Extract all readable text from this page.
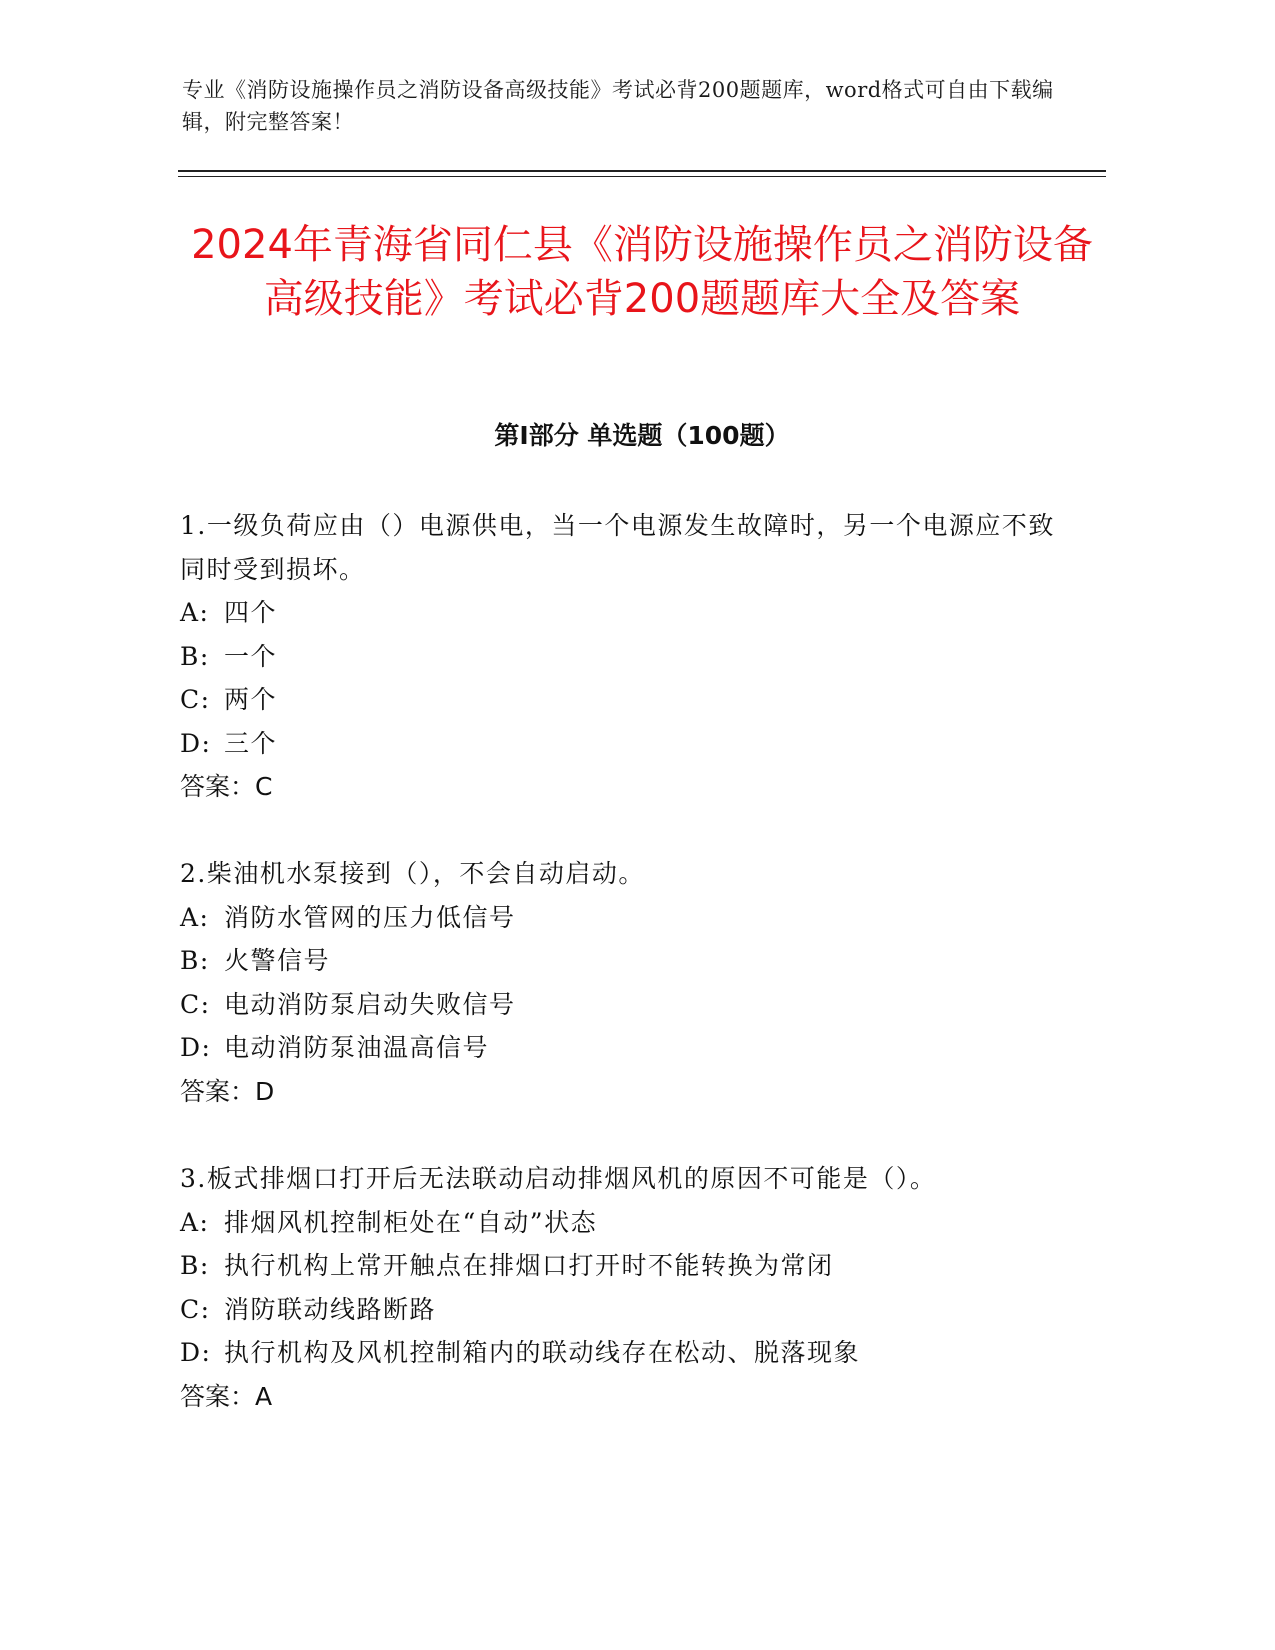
专业《消防设施操作员之消防设备高级技能》考试必背200题题库，word格式可自由下载编辑，附完整答案！
2024年青海省同仁县《消防设施操作员之消防设备高级技能》考试必背200题题库大全及答案
第Ⅰ部分 单选题（100题）
1.一级负荷应由（）电源供电，当一个电源发生故障时，另一个电源应不致同时受到损坏。
A: 四个
B: 一个
C: 两个
D: 三个
答案：C
2.柴油机水泵接到（），不会自动启动。
A: 消防水管网的压力低信号
B: 火警信号
C: 电动消防泵启动失败信号
D: 电动消防泵油温高信号
答案：D
3.板式排烟口打开后无法联动启动排烟风机的原因不可能是（）。
A: 排烟风机控制柜处在“自动”状态
B: 执行机构上常开触点在排烟口打开时不能转换为常闭
C: 消防联动线路断路
D: 执行机构及风机控制箱内的联动线存在松动、脱落现象
答案：A
